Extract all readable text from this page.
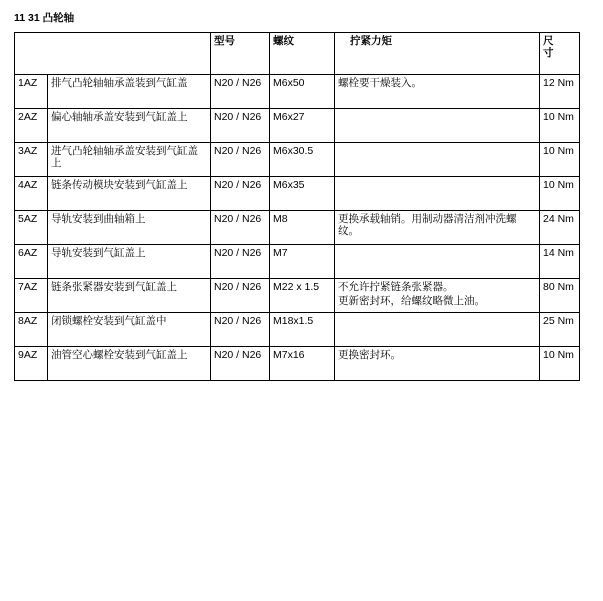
11 31 凸轮轴
		型号	螺纹	拧紧力矩	尺
寸
1AZ	排气凸轮轴轴承盖装到气缸盖	N20 / N26	M6x50	螺栓要干燥装入。	12 Nm
2AZ	偏心轴轴承盖安装到气缸盖上	N20 / N26	M6x27		10 Nm
3AZ	进气凸轮轴轴承盖安装到气缸盖上	N20 / N26	M6x30.5		10 Nm
4AZ	链条传动模块安装到气缸盖上	N20 / N26	M6x35		10 Nm
5AZ	导轨安装到曲轴箱上	N20 / N26	M8	更换承载轴销。用制动器清洁剂冲洗螺纹。	24 Nm
6AZ	导轨安装到气缸盖上	N20 / N26	M7		14 Nm
7AZ	链条张紧器安装到气缸盖上	N20 / N26	M22 x 1.5	不允许拧紧链条张紧器。
更新密封环，给螺纹略微上油。	80 Nm
8AZ	闭锁螺栓安装到气缸盖中	N20 / N26	M18x1.5		25 Nm
9AZ	油管空心螺栓安装到气缸盖上	N20 / N26	M7x16	更换密封环。	10 Nm
